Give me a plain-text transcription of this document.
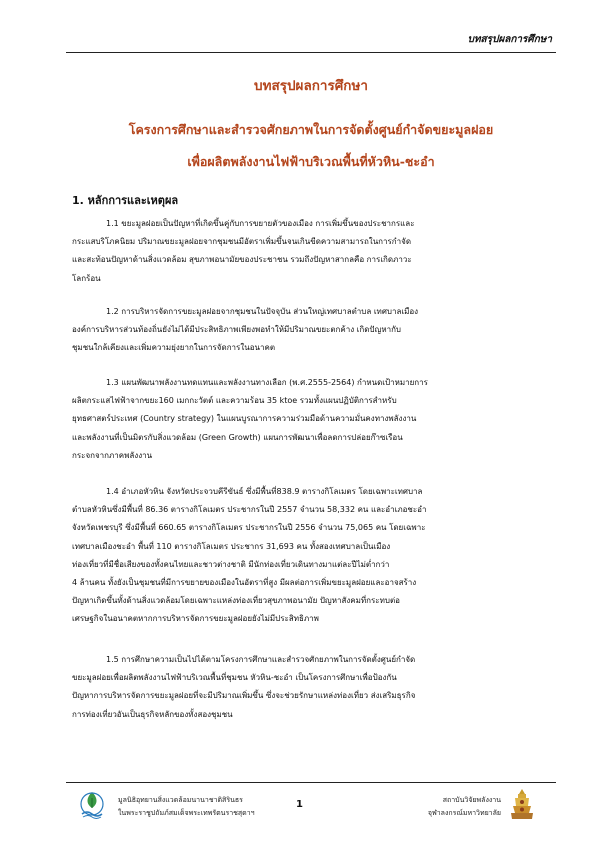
บทสรุปผลการศึกษา
บทสรุปผลการศึกษา
โครงการศึกษาและสำรวจศักยภาพในการจัดตั้งศูนย์กำจัดขยะมูลฝอย
เพื่อผลิตพลังงานไฟฟ้าบริเวณพื้นที่หัวหิน-ชะอำ
1. หลักการและเหตุผล
1.1 ขยะมูลฝอยเป็นปัญหาที่เกิดขึ้นคู่กับการขยายตัวของเมือง การเพิ่มขึ้นของประชากรและ
กระแสบริโภคนิยม ปริมาณขยะมูลฝอยจากชุมชนมีอัตราเพิ่มขึ้นจนเกินขีดความสามารถในการกำจัด
และสะท้อนปัญหาด้านสิ่งแวดล้อม สุขภาพอนามัยของประชาชน รวมถึงปัญหาสากลคือ การเกิดภาวะ
โลกร้อน
1.2 การบริหารจัดการขยะมูลฝอยจากชุมชนในปัจจุบัน ส่วนใหญ่เทศบาลตำบล เทศบาลเมือง
องค์การบริหารส่วนท้องถิ่นยังไม่ได้มีประสิทธิภาพเพียงพอทำให้มีปริมาณขยะตกค้าง เกิดปัญหากับ
ชุมชนใกล้เคียงและเพิ่มความยุ่งยากในการจัดการในอนาคต
1.3 แผนพัฒนาพลังงานทดแทนและพลังงานทางเลือก (พ.ศ.2555-2564) กำหนดเป้าหมายการ
ผลิตกระแสไฟฟ้าจากขยะ160 เมกกะวัตต์ และความร้อน 35 ktoe รวมทั้งแผนปฏิบัติการสำหรับ
ยุทธศาสตร์ประเทศ (Country strategy) ในแผนบูรณาการความร่วมมือด้านความมั่นคงทางพลังงาน
และพลังงานที่เป็นมิตรกับสิ่งแวดล้อม (Green Growth) แผนการพัฒนาเพื่อลดการปล่อยก๊าซเรือน
กระจกจากภาคพลังงาน
1.4 อำเภอหัวหิน จังหวัดประจวบคีรีขันธ์ ซึ่งมีพื้นที่838.9 ตารางกิโลเมตร โดยเฉพาะเทศบาล
ตำบลหัวหินซึ่งมีพื้นที่ 86.36 ตารางกิโลเมตร ประชากรในปี 2557 จำนวน 58,332 คน และอำเภอชะอำ
จังหวัดเพชรบุรี ซึ่งมีพื้นที่ 660.65 ตารางกิโลเมตร ประชากรในปี 2556 จำนวน 75,065 คน โดยเฉพาะ
เทศบาลเมืองชะอำ พื้นที่ 110 ตารางกิโลเมตร ประชากร 31,693 คน ทั้งสองเทศบาลเป็นเมือง
ท่องเที่ยวที่มีชื่อเสียงของทั้งคนไทยและชาวต่างชาติ มีนักท่องเที่ยวเดินทางมาแต่ละปีไม่ต่ำกว่า
4 ล้านคน ทั้งยังเป็นชุมชนที่มีการขยายของเมืองในอัตราที่สูง มีผลต่อการเพิ่มขยะมูลฝอยและอาจสร้าง
ปัญหาเกิดขึ้นทั้งด้านสิ่งแวดล้อมโดยเฉพาะแหล่งท่องเที่ยวสุขภาพอนามัย ปัญหาสังคมที่กระทบต่อ
เศรษฐกิจในอนาคตหากการบริหารจัดการขยะมูลฝอยยังไม่มีประสิทธิภาพ
1.5 การศึกษาความเป็นไปได้ตามโครงการศึกษาและสำรวจศักยภาพในการจัดตั้งศูนย์กำจัด
ขยะมูลฝอยเพื่อผลิตพลังงานไฟฟ้าบริเวณพื้นที่ชุมชน หัวหิน-ชะอำ เป็นโครงการศึกษาเพื่อป้องกัน
ปัญหาการบริหารจัดการขยะมูลฝอยที่จะมีปริมาณเพิ่มขึ้น ซึ่งจะช่วยรักษาแหล่งท่องเที่ยว ส่งเสริมธุรกิจ
การท่องเที่ยวอันเป็นธุรกิจหลักของทั้งสองชุมชน
มูลนิธิอุทยานสิ่งแวดล้อมนานาชาติสิรินธร
ในพระราชูปถัมภ์สมเด็จพระเทพรัตนราชสุดาฯ
1	สถาบันวิจัยพลังงาน
จุฬาลงกรณ์มหาวิทยาลัย
